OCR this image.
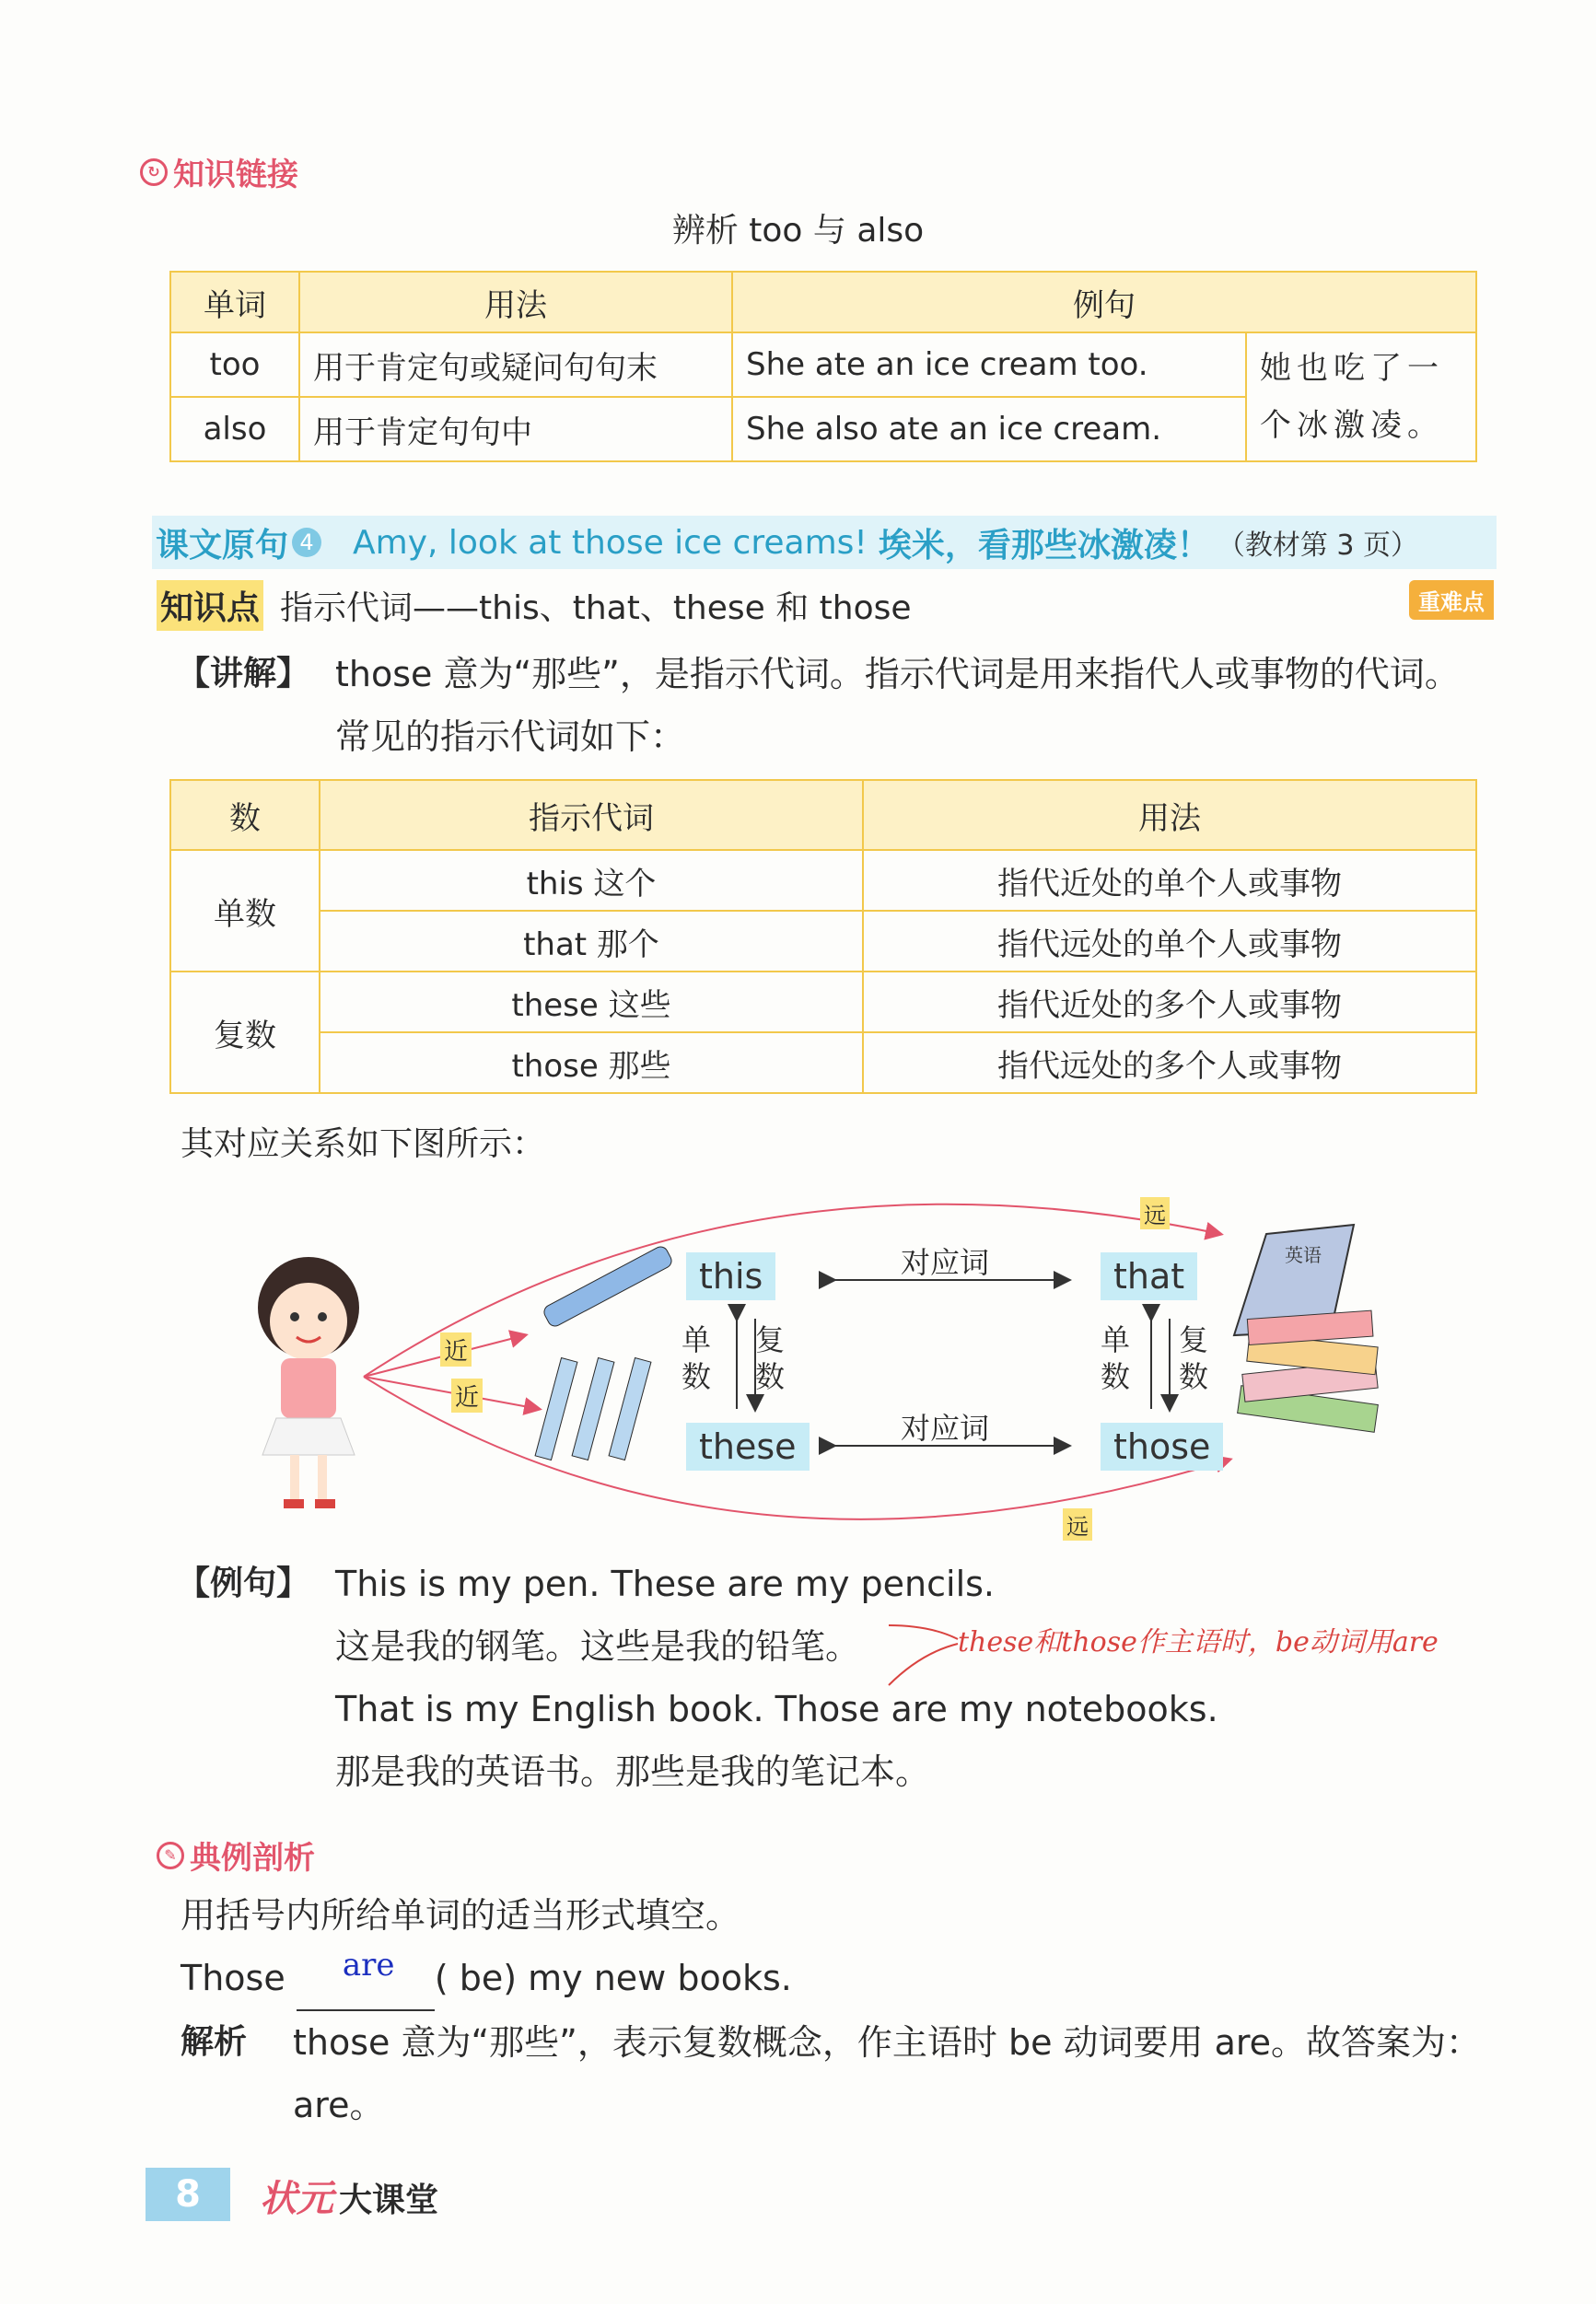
↻ 知识链接
辨析 too 与 also
单词	用法	例句	
too	用于肯定句或疑问句句末	She ate an ice cream too.	她也吃了一个冰激凌。
also	用于肯定句句中	She also ate an ice cream.	
课文原句 4 Amy, look at those ice creams! 埃米，看那些冰激凌！ （教材第 3 页）
知识点 指示代词——this、that、these 和 those	重难点
【讲解】 those 意为“那些”，是指示代词。指示代词是用来指代人或事物的代词。
常见的指示代词如下：
数	指示代词	用法
单数	this 这个	指代近处的单个人或事物
	that 那个	指代远处的单个人或事物
复数	these 这些	指代近处的多个人或事物
	those 那些	指代远处的多个人或事物
其对应关系如下图所示：
英语
this	that
these	those
对应词
对应词
单数
复数
单数
复数
近
近
远
远
【例句】 This is my pen. These are my pencils.
这是我的钢笔。这些是我的铅笔。
That is my English book. Those are my notebooks.
那是我的英语书。那些是我的笔记本。
these和those作主语时，be动词用are
✎ 典例剖析
用括号内所给单词的适当形式填空。
Those are ( be) my new books.
解析	those 意为“那些”，表示复数概念，作主语时 be 动词要用 are。故答案为：
are。
8	状元 大课堂
